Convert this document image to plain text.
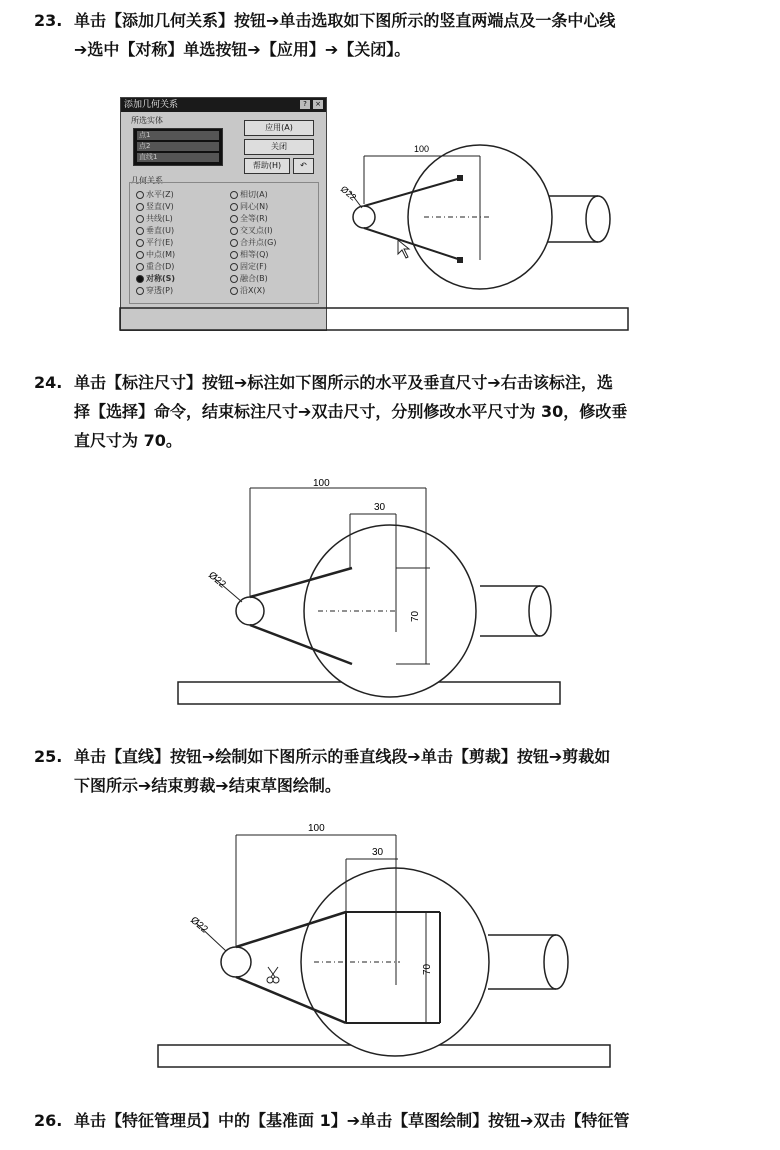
23. 单击【添加几何关系】按钮➔单击选取如下图所示的竖直两端点及一条中心线
➔选中【对称】单选按钮➔【应用】➔【关闭】。
添加几何关系	?	×
所选实体
点1
点2
直线1
应用(A)
关闭
帮助(H)	↶
几何关系
水平(Z)
竖直(V)
共线(L)
垂直(U)
平行(E)
中点(M)
重合(D)
对称(S)
穿透(P)
相切(A)
同心(N)
全等(R)
交叉点(I)
合并点(G)
相等(Q)
固定(F)
融合(B)
沿X(X)
100
Ø22
24. 单击【标注尺寸】按钮➔标注如下图所示的水平及垂直尺寸➔右击该标注，选
择【选择】命令，结束标注尺寸➔双击尺寸，分别修改水平尺寸为 30，修改垂
直尺寸为 70。
100
30
70
Ø22
25. 单击【直线】按钮➔绘制如下图所示的垂直线段➔单击【剪裁】按钮➔剪裁如
下图所示➔结束剪裁➔结束草图绘制。
100
30
70
Ø22
26. 单击【特征管理员】中的【基准面 1】➔单击【草图绘制】按钮➔双击【特征管
